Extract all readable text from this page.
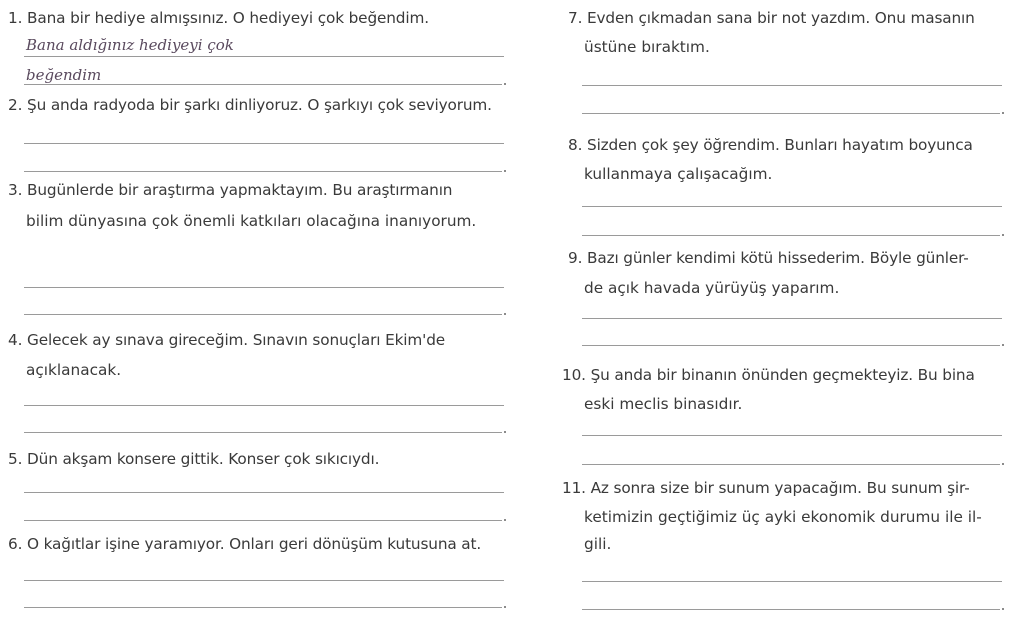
1. Bana bir hediye almışsınız. O hediyeyi çok beğendim.
Bana aldığınız hediyeyi çok
beğendim
2. Şu anda radyoda bir şarkı dinliyoruz. O şarkıyı çok seviyorum.
3. Bugünlerde bir araştırma yapmaktayım. Bu araştırmanın
bilim dünyasına çok önemli katkıları olacağına inanıyorum.
4. Gelecek ay sınava gireceğim. Sınavın sonuçları Ekim'de
açıklanacak.
5. Dün akşam konsere gittik. Konser çok sıkıcıydı.
6. O kağıtlar işine yaramıyor. Onları geri dönüşüm kutusuna at.
7. Evden çıkmadan sana bir not yazdım. Onu masanın
üstüne bıraktım.
8. Sizden çok şey öğrendim. Bunları hayatım boyunca
kullanmaya çalışacağım.
9. Bazı günler kendimi kötü hissederim. Böyle günler-
de açık havada yürüyüş yaparım.
10. Şu anda bir binanın önünden geçmekteyiz. Bu bina
eski meclis binasıdır.
11. Az sonra size bir sunum yapacağım. Bu sunum şir-
ketimizin geçtiğimiz üç ayki ekonomik durumu ile il-
gili.
